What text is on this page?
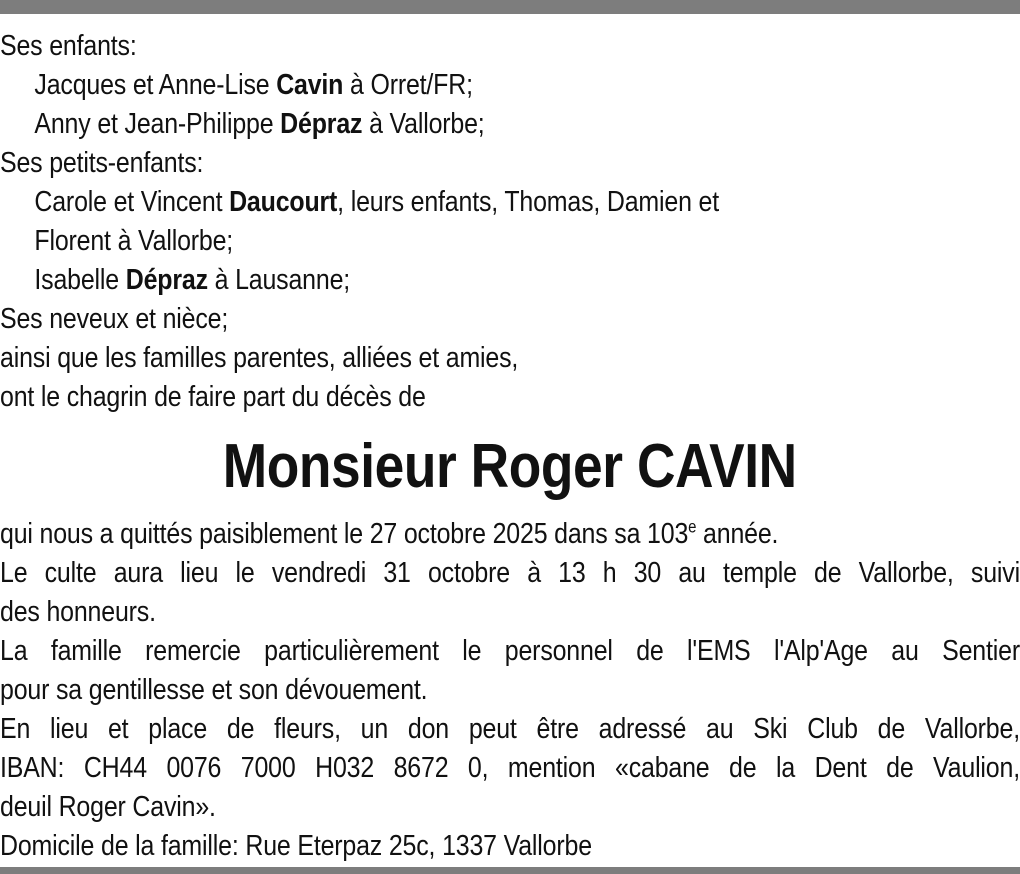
Ses enfants:
Jacques et Anne-Lise Cavin à Orret/FR;
Anny et Jean-Philippe Dépraz à Vallorbe;
Ses petits-enfants:
Carole et Vincent Daucourt, leurs enfants, Thomas, Damien et
Florent à Vallorbe;
Isabelle Dépraz à Lausanne;
Ses neveux et nièce;
ainsi que les familles parentes, alliées et amies,
ont le chagrin de faire part du décès de
Monsieur Roger CAVIN
qui nous a quittés paisiblement le 27 octobre 2025 dans sa 103e année.
Le culte aura lieu le vendredi 31 octobre à 13 h 30 au temple de Vallorbe, suivi
des honneurs.
La famille remercie particulièrement le personnel de l'EMS l'Alp'Age au Sentier
pour sa gentillesse et son dévouement.
En lieu et place de fleurs, un don peut être adressé au Ski Club de Vallorbe,
IBAN: CH44 0076 7000 H032 8672 0, mention «cabane de la Dent de Vaulion,
deuil Roger Cavin».
Domicile de la famille: Rue Eterpaz 25c, 1337 Vallorbe
